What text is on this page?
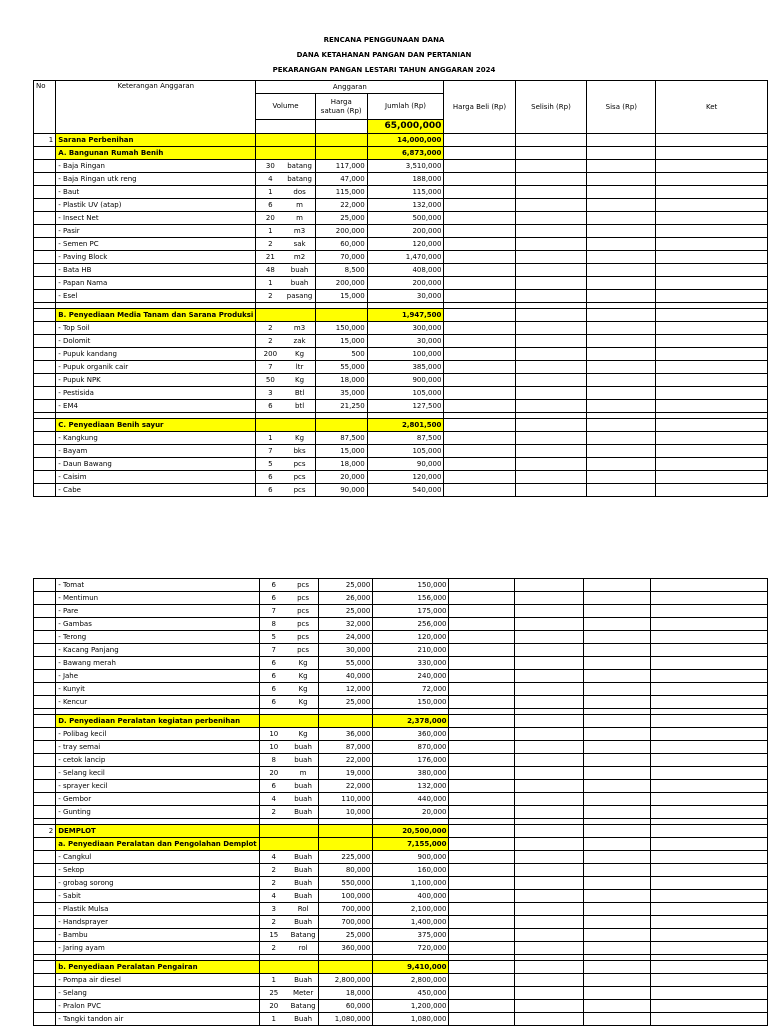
RENCANA PENGGUNAAN DANA
DANA KETAHANAN PANGAN DAN PERTANIAN
PEKARANGAN PANGAN LESTARI TAHUN ANGGARAN 2024
No	Keterangan Anggaran	Anggaran				Harga Beli (Rp)	Selisih (Rp)	Sisa (Rp)	Ket
		Volume		Harga satuan (Rp)	Jumlah (Rp)				
					65,000,000				
1	Sarana Perbenihan				14,000,000				
	A. Bangunan Rumah Benih				6,873,000				
	- Baja Ringan	30	batang	117,000	3,510,000				
	- Baja Ringan utk reng	4	batang	47,000	188,000				
	- Baut	1	dos	115,000	115,000				
	- Plastik UV (atap)	6	m	22,000	132,000				
	- Insect Net	20	m	25,000	500,000				
	- Pasir	1	m3	200,000	200,000				
	- Semen PC	2	sak	60,000	120,000				
	- Paving Block	21	m2	70,000	1,470,000				
	- Bata HB	48	buah	8,500	408,000				
	- Papan Nama	1	buah	200,000	200,000				
	- Esel	2	pasang	15,000	30,000				

	B. Penyediaan Media Tanam dan Sarana Produksi				1,947,500				
	- Top Soil	2	m3	150,000	300,000				
	- Dolomit	2	zak	15,000	30,000				
	- Pupuk kandang	200	Kg	500	100,000				
	- Pupuk organik cair	7	ltr	55,000	385,000				
	- Pupuk NPK	50	Kg	18,000	900,000				
	- Pestisida	3	Btl	35,000	105,000				
	- EM4	6	btl	21,250	127,500				

	C. Penyediaan Benih sayur				2,801,500				
	- Kangkung	1	Kg	87,500	87,500				
	- Bayam	7	bks	15,000	105,000				
	- Daun Bawang	5	pcs	18,000	90,000				
	- Caisim	6	pcs	20,000	120,000				
	- Cabe	6	pcs	90,000	540,000				
	- Tomat	6	pcs	25,000	150,000				
	- Mentimun	6	pcs	26,000	156,000				
	- Pare	7	pcs	25,000	175,000				
	- Gambas	8	pcs	32,000	256,000				
	- Terong	5	pcs	24,000	120,000				
	- Kacang Panjang	7	pcs	30,000	210,000				
	- Bawang merah	6	Kg	55,000	330,000				
	- Jahe	6	Kg	40,000	240,000				
	- Kunyit	6	Kg	12,000	72,000				
	- Kencur	6	Kg	25,000	150,000				

	D. Penyediaan Peralatan kegiatan perbenihan				2,378,000				
	- Polibag kecil	10	Kg	36,000	360,000				
	- tray semai	10	buah	87,000	870,000				
	- cetok lancip	8	buah	22,000	176,000				
	- Selang kecil	20	m	19,000	380,000				
	- sprayer kecil	6	buah	22,000	132,000				
	- Gembor	4	buah	110,000	440,000				
	- Gunting	2	Buah	10,000	20,000				

2	DEMPLOT				20,500,000				
	a. Penyediaan Peralatan dan Pengolahan Demplot				7,155,000				
	- Cangkul	4	Buah	225,000	900,000				
	- Sekop	2	Buah	80,000	160,000				
	- grobag sorong	2	Buah	550,000	1,100,000				
	- Sabit	4	Buah	100,000	400,000				
	- Plastik Mulsa	3	Rol	700,000	2,100,000				
	- Handsprayer	2	Buah	700,000	1,400,000				
	- Bambu	15	Batang	25,000	375,000				
	- Jaring ayam	2	rol	360,000	720,000				

	b. Penyediaan Peralatan Pengairan				9,410,000				
	- Pompa air diesel	1	Buah	2,800,000	2,800,000				
	- Selang	25	Meter	18,000	450,000				
	- Pralon PVC	20	Batang	60,000	1,200,000				
	- Tangki tandon air	1	Buah	1,080,000	1,080,000				
